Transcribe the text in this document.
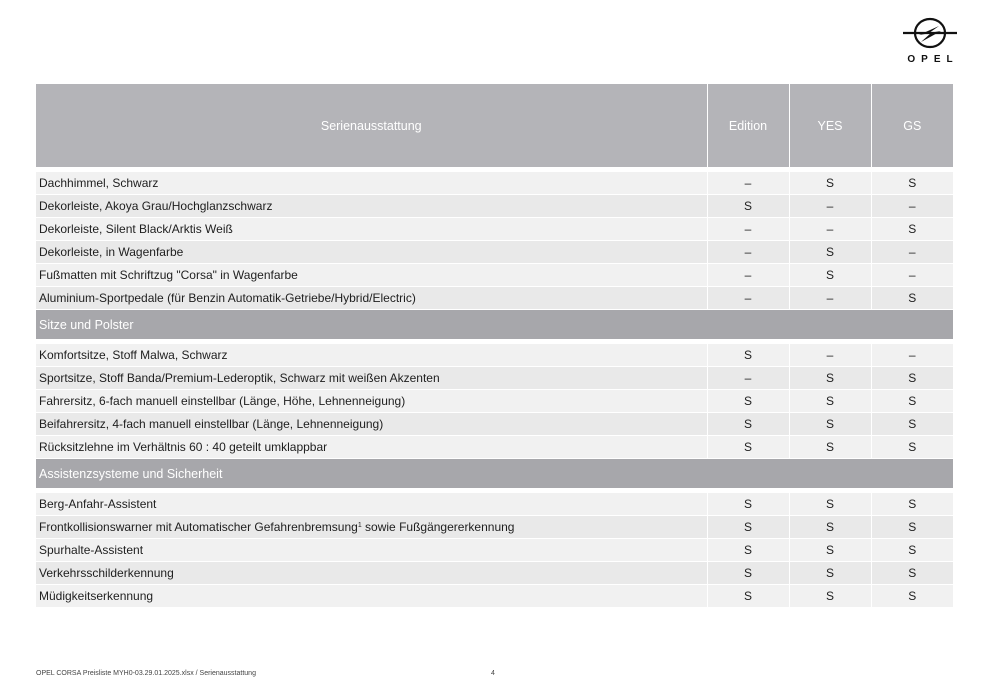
OPEL
Serienausstattung	Edition	YES	GS

Dachhimmel, Schwarz	–	S	S
Dekorleiste, Akoya Grau/Hochglanzschwarz	S	–	–
Dekorleiste, Silent Black/Arktis Weiß	–	–	S
Dekorleiste, in Wagenfarbe	–	S	–
Fußmatten mit Schriftzug "Corsa" in Wagenfarbe	–	S	–
Aluminium-Sportpedale (für Benzin Automatik-Getriebe/Hybrid/Electric)	–	–	S
Sitze und Polster			

Komfortsitze, Stoff Malwa, Schwarz	S	–	–
Sportsitze, Stoff Banda/Premium-Lederoptik, Schwarz mit weißen Akzenten	–	S	S
Fahrersitz, 6-fach manuell einstellbar (Länge, Höhe, Lehnenneigung)	S	S	S
Beifahrersitz, 4-fach manuell einstellbar (Länge, Lehnenneigung)	S	S	S
Rücksitzlehne im Verhältnis 60 : 40 geteilt umklappbar	S	S	S
Assistenzsysteme und Sicherheit			

Berg-Anfahr-Assistent	S	S	S
Frontkollisionswarner mit Automatischer Gefahrenbremsung$^1$ sowie Fußgängererkennung	S	S	S
Spurhalte-Assistent	S	S	S
Verkehrsschilderkennung	S	S	S
Müdigkeitserkennung	S	S	S
OPEL CORSA Preisliste MYH0-03.29.01.2025.xlsx / Serienausstattung	4
